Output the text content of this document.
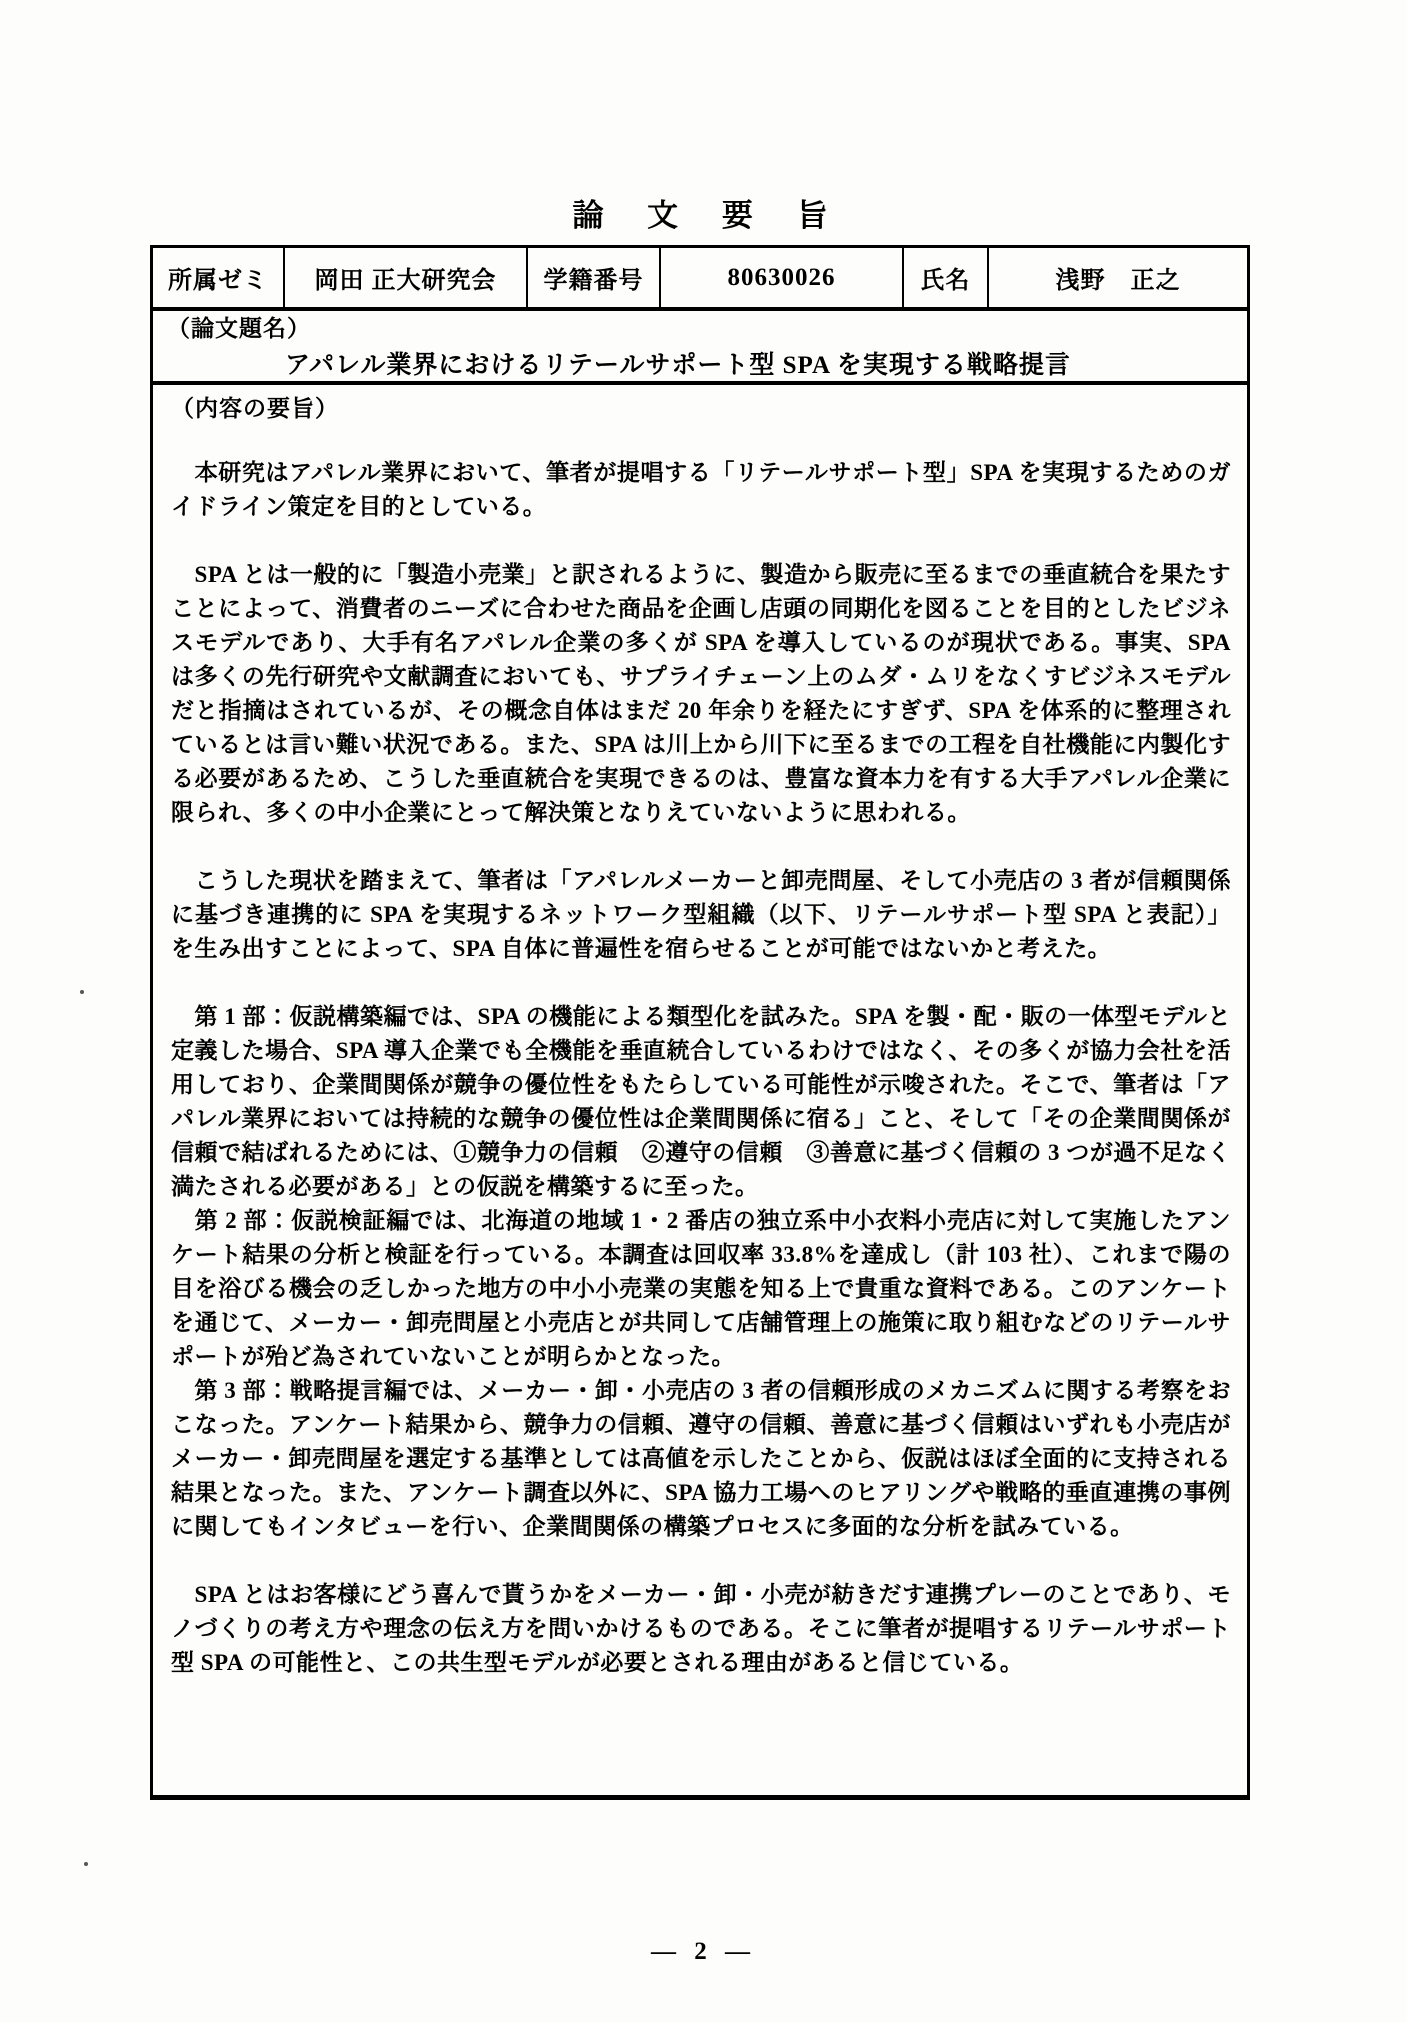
論 文 要 旨
所属ゼミ	岡田 正大研究会	学籍番号	80630026	氏名	浅野　正之
（論文題名）
アパレル業界におけるリテールサポート型 SPA を実現する戦略提言
（内容の要旨）

　本研究はアパレル業界において、筆者が提唱する「リテールサポート型」SPA を実現するためのガイドライン策定を目的としている。

　SPA とは一般的に「製造小売業」と訳されるように、製造から販売に至るまでの垂直統合を果たすことによって、消費者のニーズに合わせた商品を企画し店頭の同期化を図ることを目的としたビジネスモデルであり、大手有名アパレル企業の多くが SPA を導入しているのが現状である。事実、SPA は多くの先行研究や文献調査においても、サプライチェーン上のムダ・ムリをなくすビジネスモデルだと指摘はされているが、その概念自体はまだ 20 年余りを経たにすぎず、SPA を体系的に整理されているとは言い難い状況である。また、SPA は川上から川下に至るまでの工程を自社機能に内製化する必要があるため、こうした垂直統合を実現できるのは、豊富な資本力を有する大手アパレル企業に限られ、多くの中小企業にとって解決策となりえていないように思われる。

　こうした現状を踏まえて、筆者は「アパレルメーカーと卸売問屋、そして小売店の 3 者が信頼関係に基づき連携的に SPA を実現するネットワーク型組織（以下、リテールサポート型 SPA と表記）」を生み出すことによって、SPA 自体に普遍性を宿らせることが可能ではないかと考えた。

　第 1 部：仮説構築編では、SPA の機能による類型化を試みた。SPA を製・配・販の一体型モデルと定義した場合、SPA 導入企業でも全機能を垂直統合しているわけではなく、その多くが協力会社を活用しており、企業間関係が競争の優位性をもたらしている可能性が示唆された。そこで、筆者は「アパレル業界においては持続的な競争の優位性は企業間関係に宿る」こと、そして「その企業間関係が信頼で結ばれるためには、①競争力の信頼　②遵守の信頼　③善意に基づく信頼の 3 つが過不足なく満たされる必要がある」との仮説を構築するに至った。

　第 2 部：仮説検証編では、北海道の地域 1・2 番店の独立系中小衣料小売店に対して実施したアンケート結果の分析と検証を行っている。本調査は回収率 33.8%を達成し（計 103 社）、これまで陽の目を浴びる機会の乏しかった地方の中小小売業の実態を知る上で貴重な資料である。このアンケートを通じて、メーカー・卸売問屋と小売店とが共同して店舗管理上の施策に取り組むなどのリテールサポートが殆ど為されていないことが明らかとなった。

　第 3 部：戦略提言編では、メーカー・卸・小売店の 3 者の信頼形成のメカニズムに関する考察をおこなった。アンケート結果から、競争力の信頼、遵守の信頼、善意に基づく信頼はいずれも小売店がメーカー・卸売問屋を選定する基準としては高値を示したことから、仮説はほぼ全面的に支持される結果となった。また、アンケート調査以外に、SPA 協力工場へのヒアリングや戦略的垂直連携の事例に関してもインタビューを行い、企業間関係の構築プロセスに多面的な分析を試みている。

　SPA とはお客様にどう喜んで貰うかをメーカー・卸・小売が紡きだす連携プレーのことであり、モノづくりの考え方や理念の伝え方を問いかけるものである。そこに筆者が提唱するリテールサポート型 SPA の可能性と、この共生型モデルが必要とされる理由があると信じている。

— 2 —
